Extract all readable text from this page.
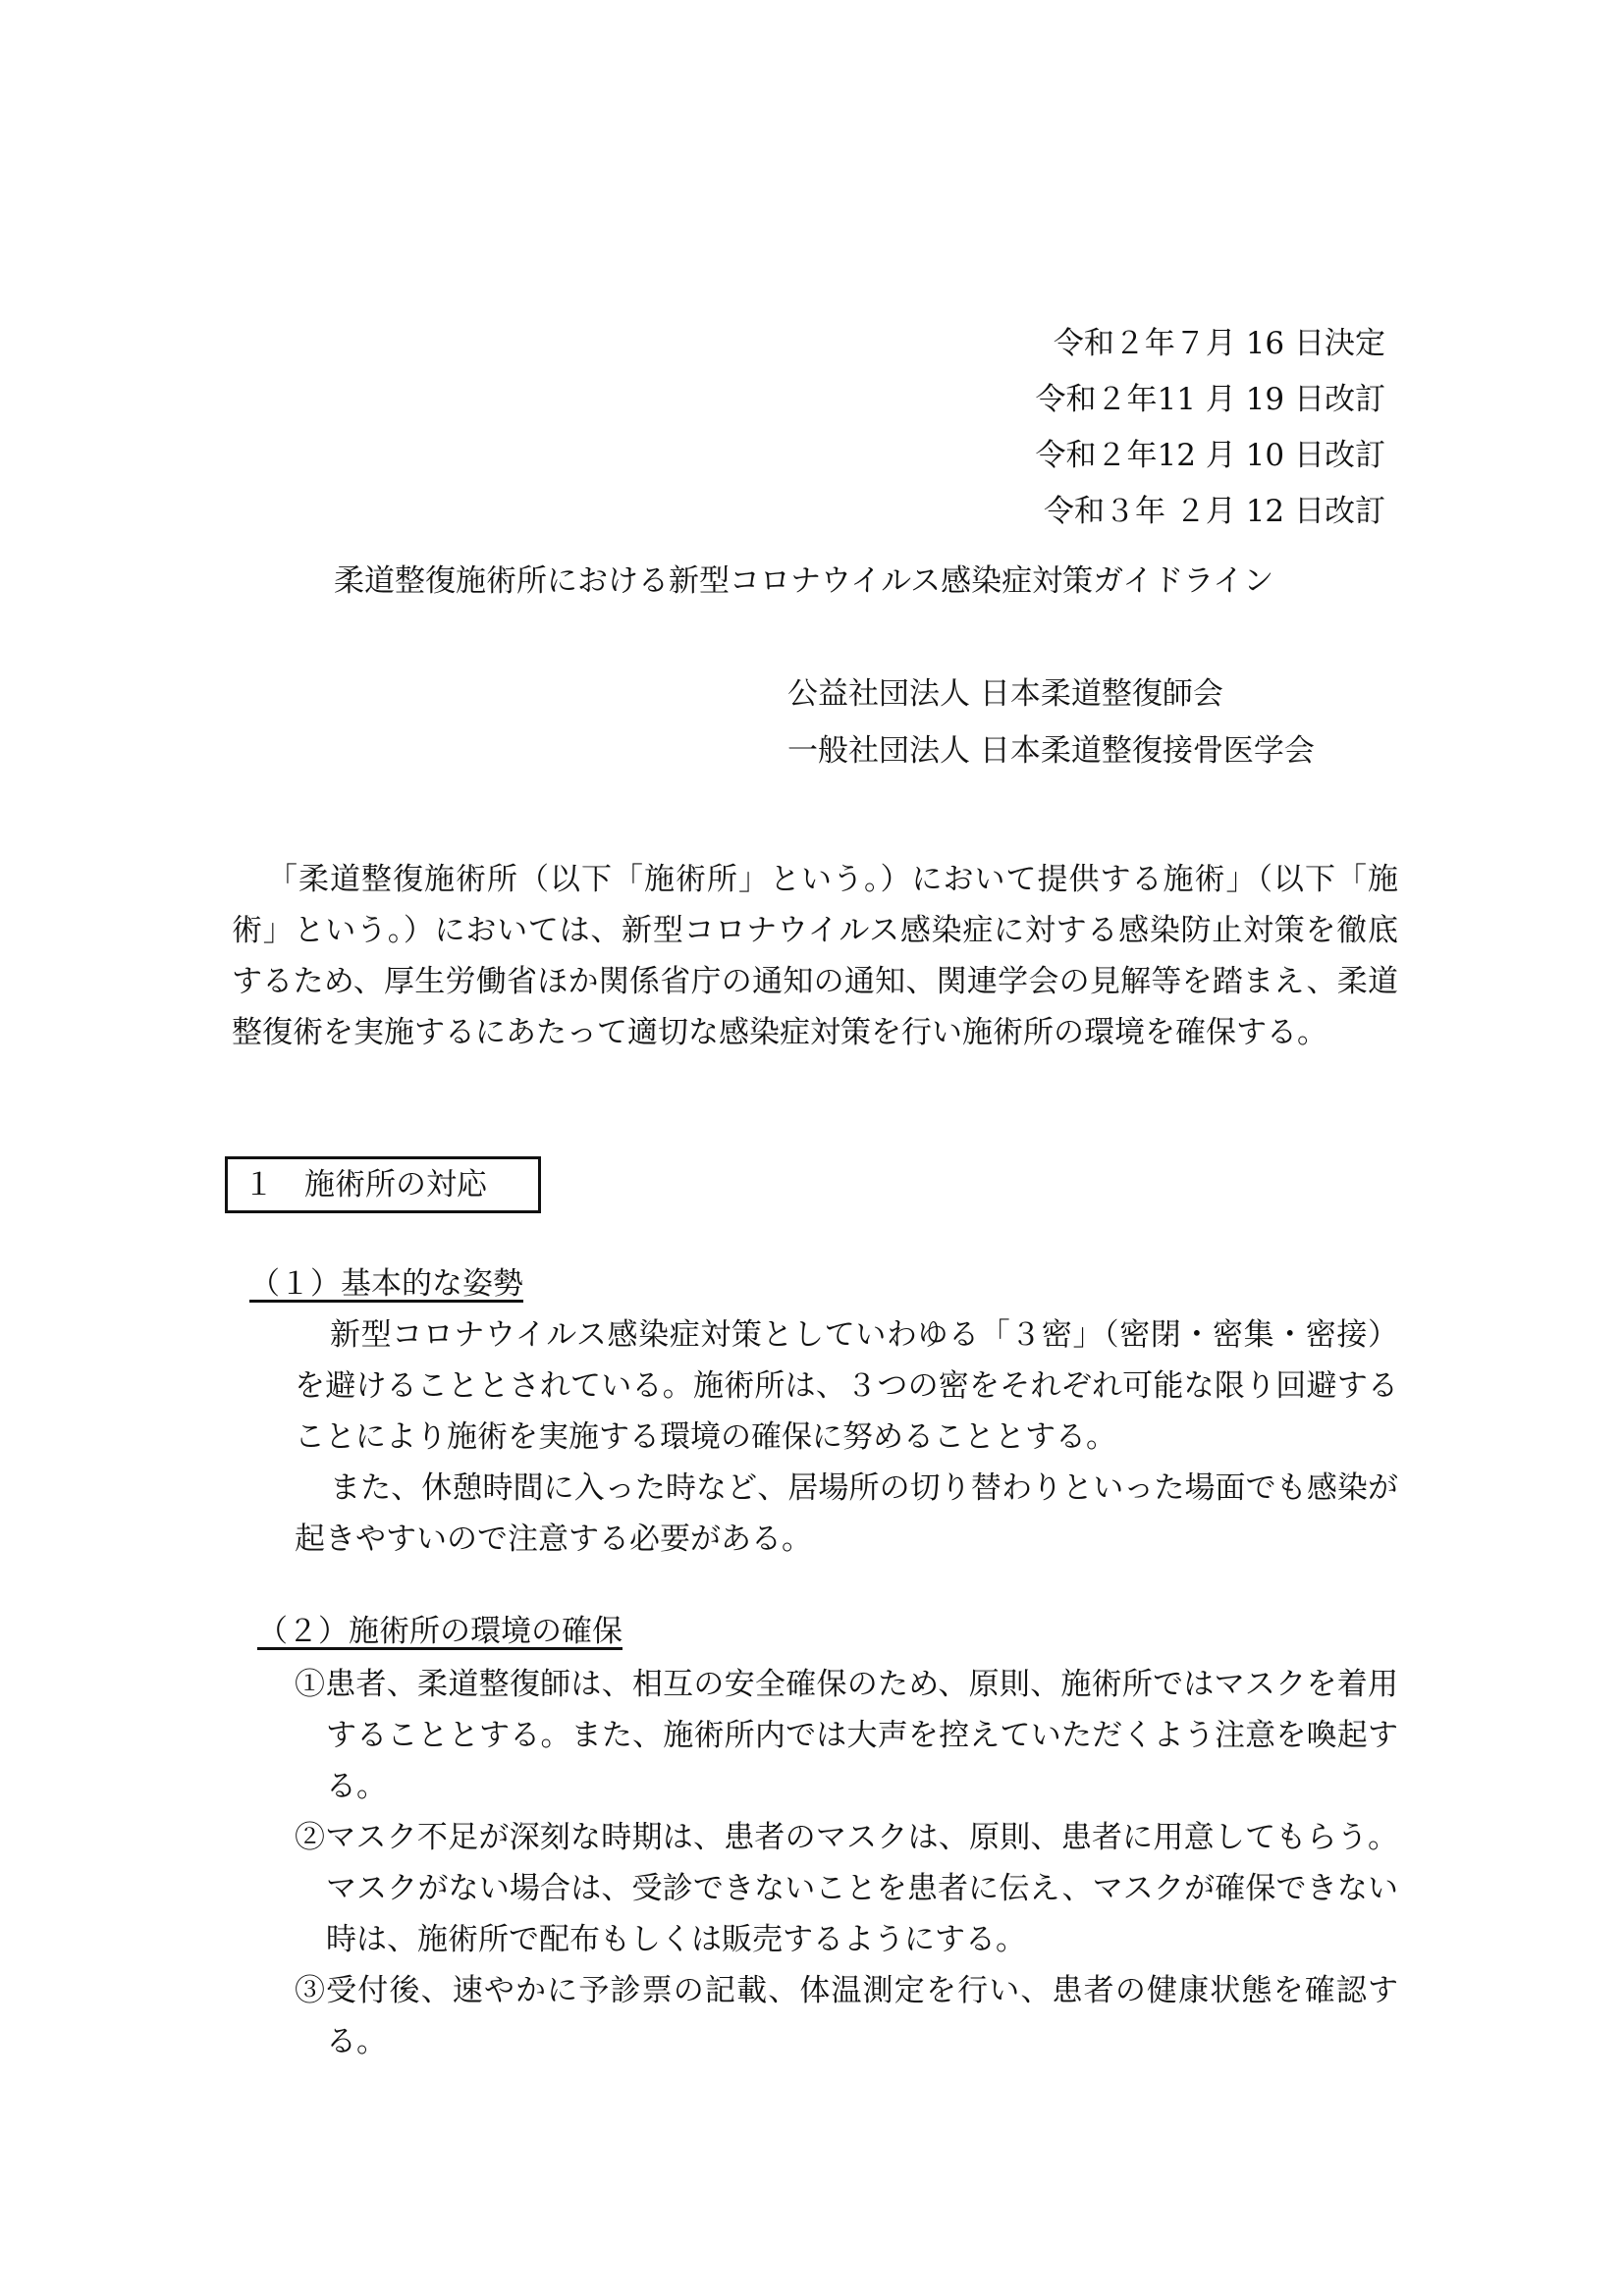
令和２年７月 16 日決定
令和２年11 月 19 日改訂
令和２年12 月 10 日改訂
令和３年 ２月 12 日改訂
柔道整復施術所における新型コロナウイルス感染症対策ガイドライン
公益社団法人 日本柔道整復師会
一般社団法人 日本柔道整復接骨医学会

「柔道整復施術所（以下「施術所」という。）において提供する施術」（以下「施術」という。）においては、新型コロナウイルス感染症に対する感染防止対策を徹底するため、厚生労働省ほか関係省庁の通知の通知、関連学会の見解等を踏まえ、柔道整復術を実施するにあたって適切な感染症対策を行い施術所の環境を確保する。

１　施術所の対応
（１）基本的な姿勢

新型コロナウイルス感染症対策としていわゆる「３密」（密閉・密集・密接）を避けることとされている。施術所は、３つの密をそれぞれ可能な限り回避することにより施術を実施する環境の確保に努めることとする。

また、休憩時間に入った時など、居場所の切り替わりといった場面でも感染が起きやすいので注意する必要がある。

（２）施術所の環境の確保
①患者、柔道整復師は、相互の安全確保のため、原則、施術所ではマスクを着用することとする。また、施術所内では大声を控えていただくよう注意を喚起する。
②マスク不足が深刻な時期は、患者のマスクは、原則、患者に用意してもらう。マスクがない場合は、受診できないことを患者に伝え、マスクが確保できない時は、施術所で配布もしくは販売するようにする。
③受付後、速やかに予診票の記載、体温測定を行い、患者の健康状態を確認する。
